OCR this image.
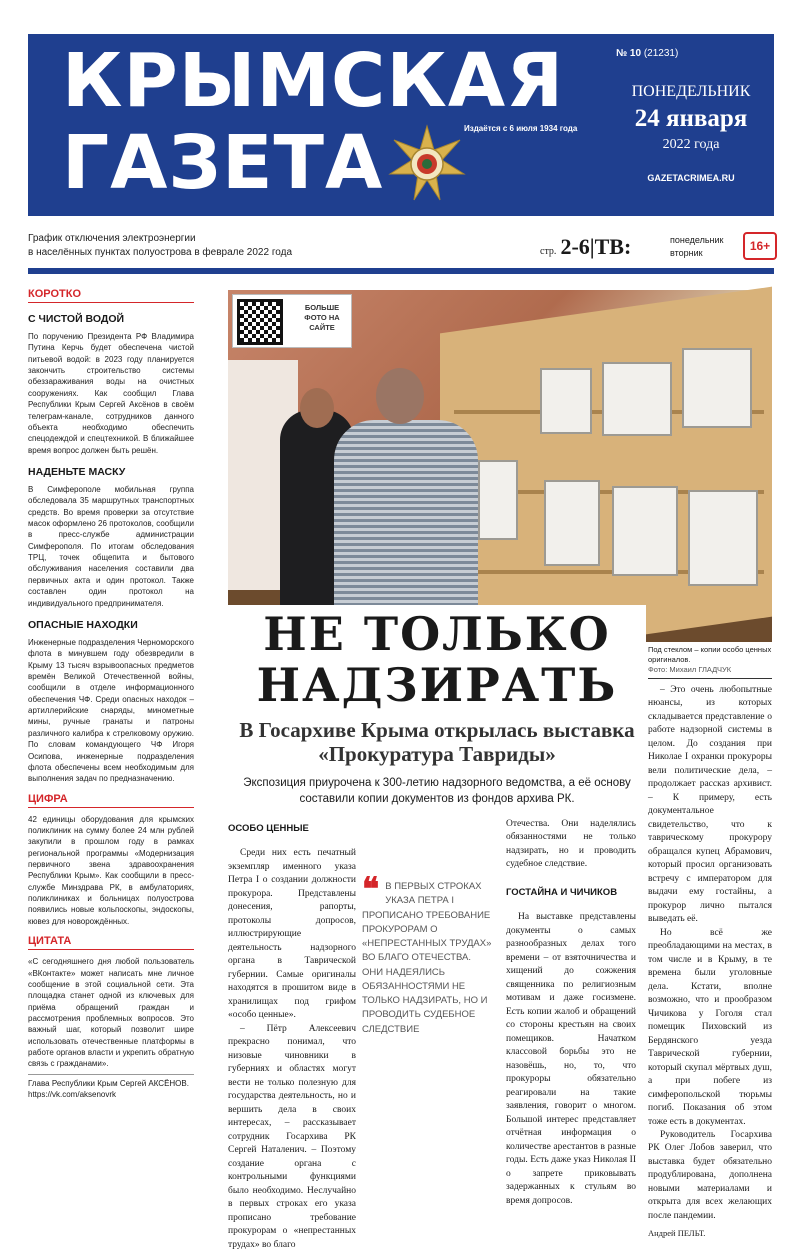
КРЫМСКАЯ
ГАЗЕТА	Издаётся с 6 июля 1934 года
№ 10 (21231)
ПОНЕДЕЛЬНИК
24 января
2022 года
GAZETACRIMEA.RU
График отключения электроэнергии
в населённых пунктах полуострова в феврале 2022 года	стр. 2-6|TB:	понедельник
вторник	16+
КОРОТКО
С ЧИСТОЙ ВОДОЙ
По поручению Президента РФ Владимира Путина Керчь будет обеспечена чистой питьевой водой: в 2023 году планируется закончить строительство системы обеззараживания воды на очистных сооружениях. Как сообщил Глава Республики Крым Сергей Аксёнов в своём телеграм-канале, сотрудников данного объекта необходимо обеспечить спецодеждой и спецтехникой. В ближайшее время вопрос должен быть решён.
НАДЕНЬТЕ МАСКУ
В Симферополе мобильная группа обследовала 35 маршрутных транспортных средств. Во время проверки за отсутствие масок оформлено 26 протоколов, сообщили в пресс-службе администрации Симферополя. По итогам обследования ТРЦ, точек общепита и бытового обслуживания населения составили два первичных акта и один протокол. Также составлен один протокол на индивидуального предпринимателя.
ОПАСНЫЕ НАХОДКИ
Инженерные подразделения Черноморского флота в минувшем году обезвредили в Крыму 13 тысяч взрывоопасных предметов времён Великой Отечественной войны, сообщили в отделе информационного обеспечения ЧФ. Среди опасных находок – артиллерийские снаряды, минометные мины, ручные гранаты и патроны различного калибра к стрелковому оружию. По словам командующего ЧФ Игоря Осипова, инженерные подразделения флота обеспечены всем необходимым для выполнения задач по предназначению.
ЦИФРА
42 единицы оборудования для крымских поликлиник на сумму более 24 млн рублей закупили в прошлом году в рамках региональной программы «Модернизация первичного звена здравоохранения Республики Крым». Как сообщили в пресс-службе Минздрава РК, в амбулаториях, поликлиниках и больницах полуострова появились новые кольпоскопы, эндоскопы, кювез для новорождённых.
ЦИТАТА
«С сегодняшнего дня любой пользователь «ВКонтакте» может написать мне личное сообщение в этой социальной сети. Эта площадка станет одной из ключевых для приёма обращений граждан и рассмотрения проблемных вопросов. Это важный шаг, который позволит шире использовать отечественные платформы в работе органов власти и укрепить обратную связь с гражданами».
Глава Республики Крым Сергей АКСЁНОВ.
https://vk.com/aksenovrk
БОЛЬШЕ ФОТО НА САЙТЕ
Под стеклом – копии особо ценных оригиналов.
Фото: Михаил ГЛАДЧУК
НЕ ТОЛЬКО
НАДЗИРАТЬ
В Госархиве Крыма открылась выставка «Прокуратура Тавриды»
Экспозиция приурочена к 300-летию надзорного ведомства, а её основу составили копии документов из фондов архива РК.
ОСОБО ЦЕННЫЕ

Среди них есть печатный экземпляр именного указа Петра I о создании должности прокурора. Представлены донесения, рапорты, протоколы допросов, иллюстрирующие деятельность надзорного органа в Таврической губернии. Самые оригиналы находятся в прошитом виде в хранилищах под грифом «особо ценные».

– Пётр Алексеевич прекрасно понимал, что низовые чиновники в губерниях и областях могут вести не только полезную для государства деятельность, но и вершить дела в своих интересах, – рассказывает сотрудник Госархива РК Сергей Наталенич. – Поэтому создание органа с контрольными функциями было необходимо. Неслучайно в первых строках его указа прописано требование прокурорам о «непрестанных трудах» во благо

❝ В ПЕРВЫХ СТРОКАХ УКАЗА ПЕТРА I ПРОПИСАНО ТРЕБОВАНИЕ ПРОКУРОРАМ О «НЕПРЕСТАННЫХ ТРУДАХ» ВО БЛАГО ОТЕЧЕСТВА. ОНИ НАДЕЯЛИСЬ ОБЯЗАННОСТЯМИ НЕ ТОЛЬКО НАДЗИРАТЬ, НО И ПРОВОДИТЬ СУДЕБНОЕ СЛЕДСТВИЕ

Отечества. Они наделялись обязанностями не только надзирать, но и проводить судебное следствие.

ГОСТАЙНА И ЧИЧИКОВ

На выставке представлены документы о самых разнообразных делах того времени – от взяточничества и хищений до сожжения священника по религиозным мотивам и даже госизмене. Есть копии жалоб и обращений со стороны крестьян на своих помещиков. Начатком классовой борьбы это не назовёшь, но, то, что прокуроры обязательно реагировали на такие заявления, говорит о многом. Большой интерес представляет отчётная информация о количестве арестантов в разные годы. Есть даже указ Николая II о запрете приковывать задержанных к стульям во время допросов.

– Это очень любопытные нюансы, из которых складывается представление о работе надзорной системы в целом. До создания при Николае I охранки прокуроры вели политические дела, – продолжает рассказ архивист. – К примеру, есть документальное свидетельство, что к таврическому прокурору обращался купец Абрамович, который просил организовать встречу с императором для выдачи ему гостайны, а прокурор лично пытался выведать её.

Но всё же преобладающими на местах, в том числе и в Крыму, в те времена были уголовные дела. Кстати, вполне возможно, что и прообразом Чичикова у Гоголя стал помещик Пиховский из Бердянского уезда Таврической губернии, который скупал мёртвых душ, а при побеге из симферопольской тюрьмы погиб. Показания об этом тоже есть в документах.

Руководитель Госархива РК Олег Лобов заверил, что выставка будет обязательно продублирована, дополнена новыми материалами и открыта для всех желающих после пандемии.

Андрей ПЕЛЬТ.
